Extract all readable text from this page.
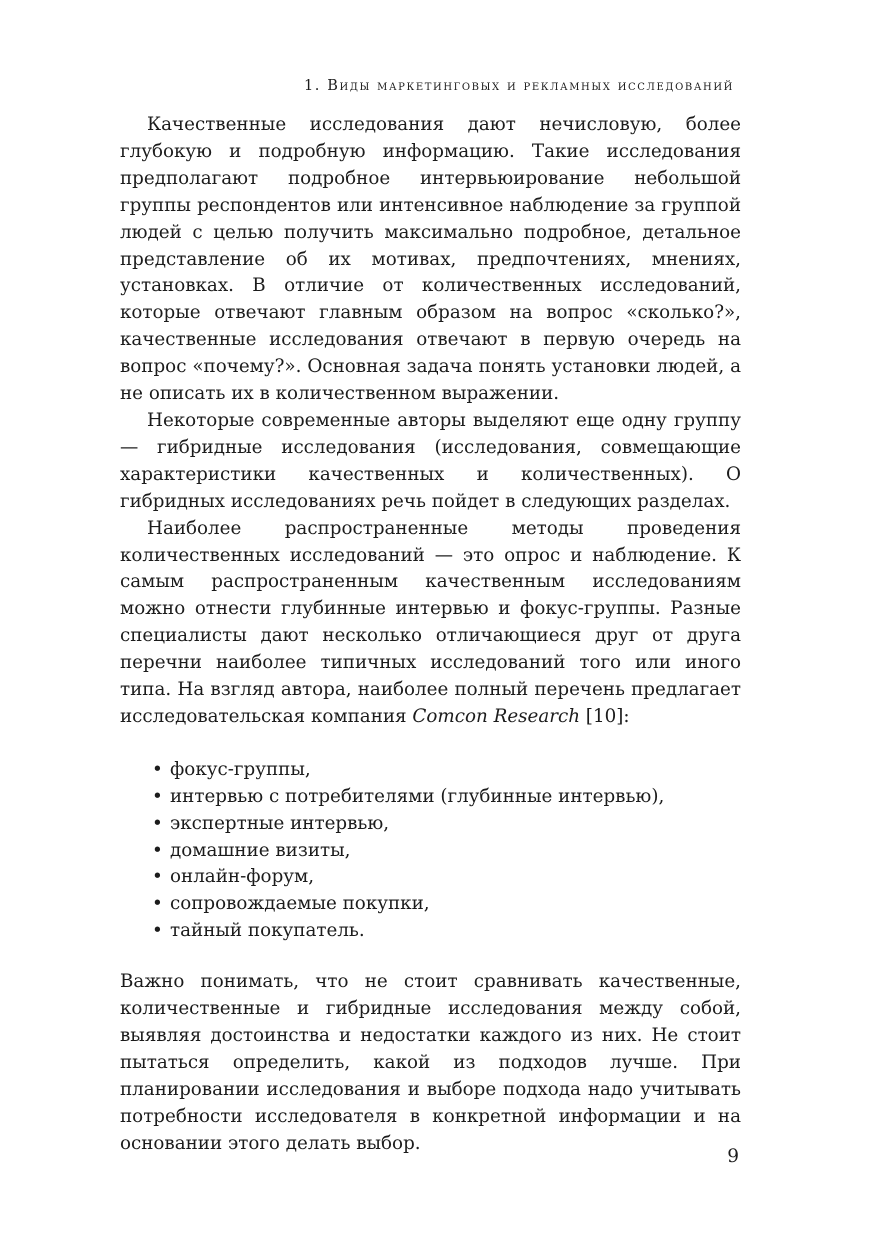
1. Виды маркетинговых и рекламных исследований

Качественные исследования дают нечисловую, более глубокую и подробную информацию. Такие исследования предполагают подробное интервьюирование небольшой группы респондентов или интенсивное наблюдение за группой людей с целью получить максимально подробное, детальное представление об их мотивах, предпочтениях, мнениях, установках. В отличие от количественных исследований, которые отвечают главным образом на вопрос «сколько?», качественные исследования отвечают в первую очередь на вопрос «почему?». Основная задача понять установки людей, а не описать их в количественном выражении.

Некоторые современные авторы выделяют еще одну группу — гибридные исследования (исследования, совмещающие характеристики качественных и количественных). О гибридных исследованиях речь пойдет в следующих разделах.

Наиболее распространенные методы проведения количественных исследований — это опрос и наблюдение. К самым распространенным качественным исследованиям можно отнести глубинные интервью и фокус-группы. Разные специалисты дают несколько отличающиеся друг от друга перечни наиболее типичных исследований того или иного типа. На взгляд автора, наиболее полный перечень предлагает исследовательская компания Comcon Research [10]:

• фокус-группы,
• интервью с потребителями (глубинные интервью),
• экспертные интервью,
• домашние визиты,
• онлайн-форум,
• сопровождаемые покупки,
• тайный покупатель.

Важно понимать, что не стоит сравнивать качественные, количественные и гибридные исследования между собой, выявляя достоинства и недостатки каждого из них. Не стоит пытаться определить, какой из подходов лучше. При планировании исследования и выборе подхода надо учитывать потребности исследователя в конкретной информации и на основании этого делать выбор.

9
